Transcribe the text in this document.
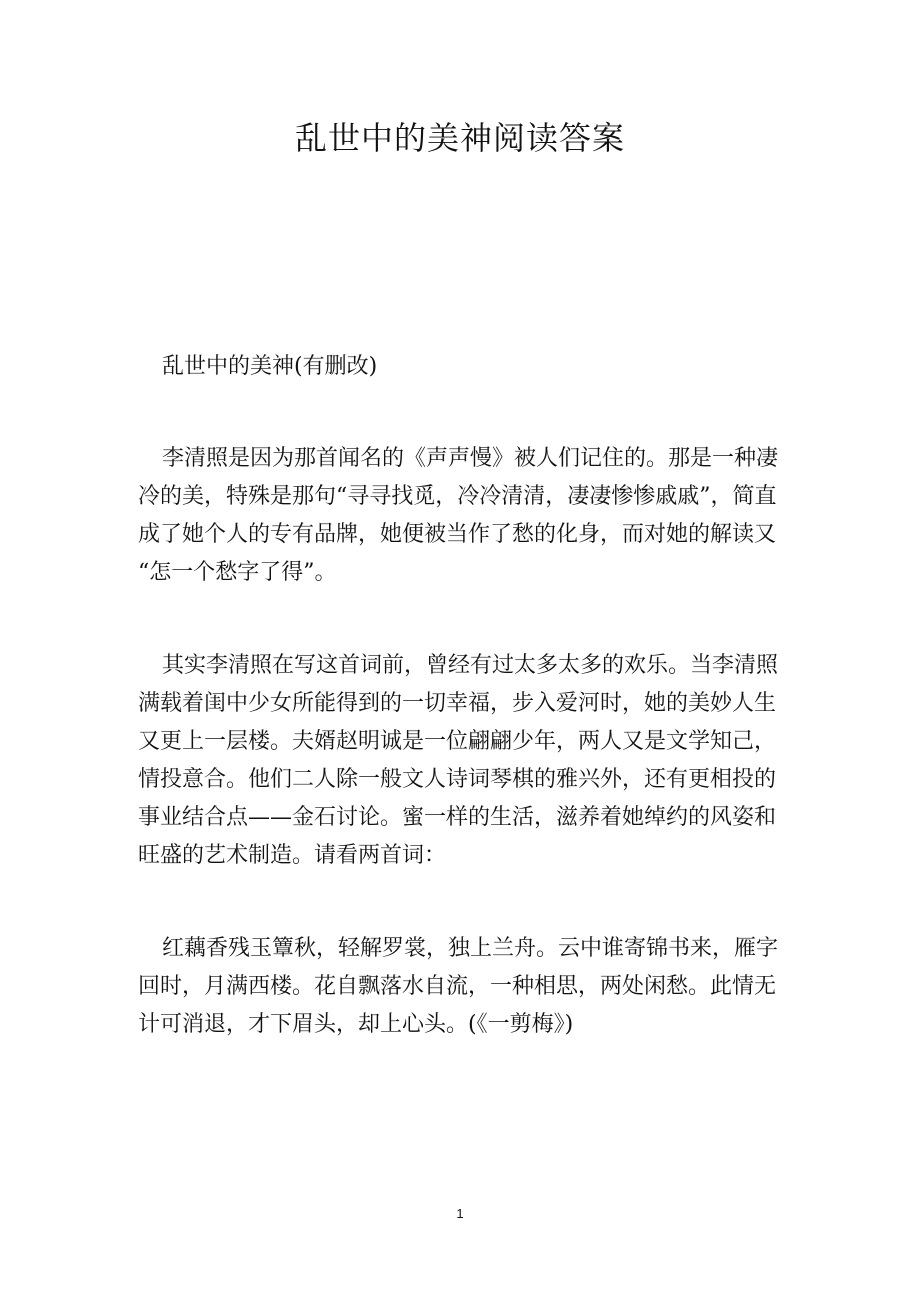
乱世中的美神阅读答案

乱世中的美神(有删改)

李清照是因为那首闻名的《声声慢》被人们记住的。那是一种凄
冷的美，特殊是那句“寻寻找觅，冷冷清清，凄凄惨惨戚戚”，简直
成了她个人的专有品牌，她便被当作了愁的化身，而对她的解读又
“怎一个愁字了得”。

其实李清照在写这首词前，曾经有过太多太多的欢乐。当李清照
满载着闺中少女所能得到的一切幸福，步入爱河时，她的美妙人生
又更上一层楼。夫婿赵明诚是一位翩翩少年，两人又是文学知己，
情投意合。他们二人除一般文人诗词琴棋的雅兴外，还有更相投的
事业结合点——金石讨论。蜜一样的生活，滋养着她绰约的风姿和
旺盛的艺术制造。请看两首词：

红藕香残玉簟秋，轻解罗裳，独上兰舟。云中谁寄锦书来，雁字
回时，月满西楼。花自飘落水自流，一种相思，两处闲愁。此情无
计可消退，才下眉头，却上心头。(《一剪梅》)

1
